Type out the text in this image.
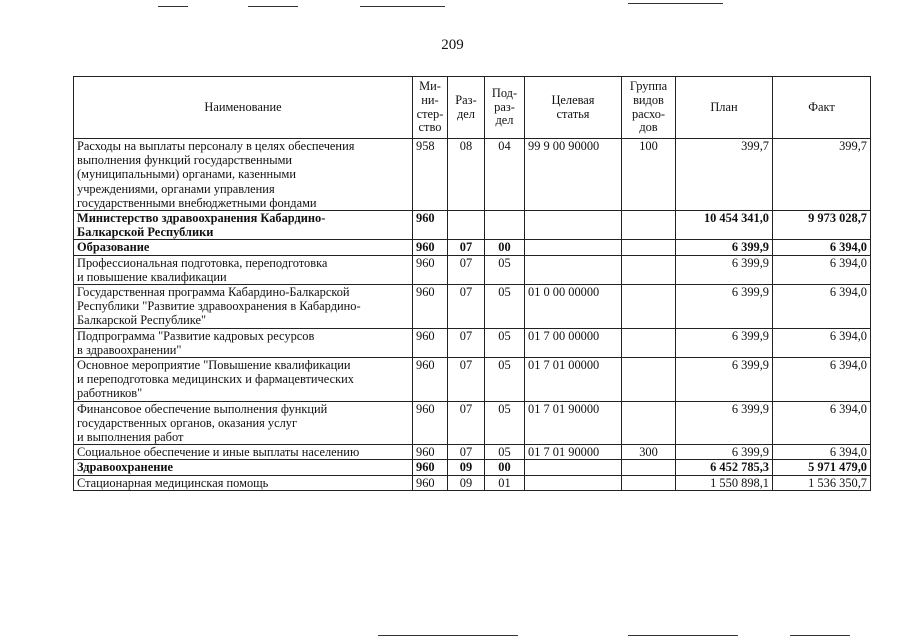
209
Наименование	Ми-
ни-
стер-
ство	Раз-
дел	Под-
раз-
дел	Целевая
статья	Группа
видов
расхо-
дов	План	Факт
Расходы на выплаты персоналу в целях обеспечения
выполнения функций государственными
(муниципальными) органами, казенными
учреждениями, органами управления
государственными внебюджетными фондами	958	08	04	99 9 00 90000	100	399,7	399,7
Министерство здравоохранения Кабардино-
Балкарской Республики	960					10 454 341,0	9 973 028,7
Образование	960	07	00			6 399,9	6 394,0
Профессиональная подготовка, переподготовка
и повышение квалификации	960	07	05			6 399,9	6 394,0
Государственная программа Кабардино-Балкарской
Республики "Развитие здравоохранения в Кабардино-
Балкарской Республике"	960	07	05	01 0 00 00000		6 399,9	6 394,0
Подпрограмма "Развитие кадровых ресурсов
в здравоохранении"	960	07	05	01 7 00 00000		6 399,9	6 394,0
Основное мероприятие "Повышение квалификации
и переподготовка медицинских и фармацевтических
работников"	960	07	05	01 7 01 00000		6 399,9	6 394,0
Финансовое обеспечение выполнения функций
государственных органов, оказания услуг
и выполнения работ	960	07	05	01 7 01 90000		6 399,9	6 394,0
Социальное обеспечение и иные выплаты населению	960	07	05	01 7 01 90000	300	6 399,9	6 394,0
Здравоохранение	960	09	00			6 452 785,3	5 971 479,0
Стационарная медицинская помощь	960	09	01			1 550 898,1	1 536 350,7
